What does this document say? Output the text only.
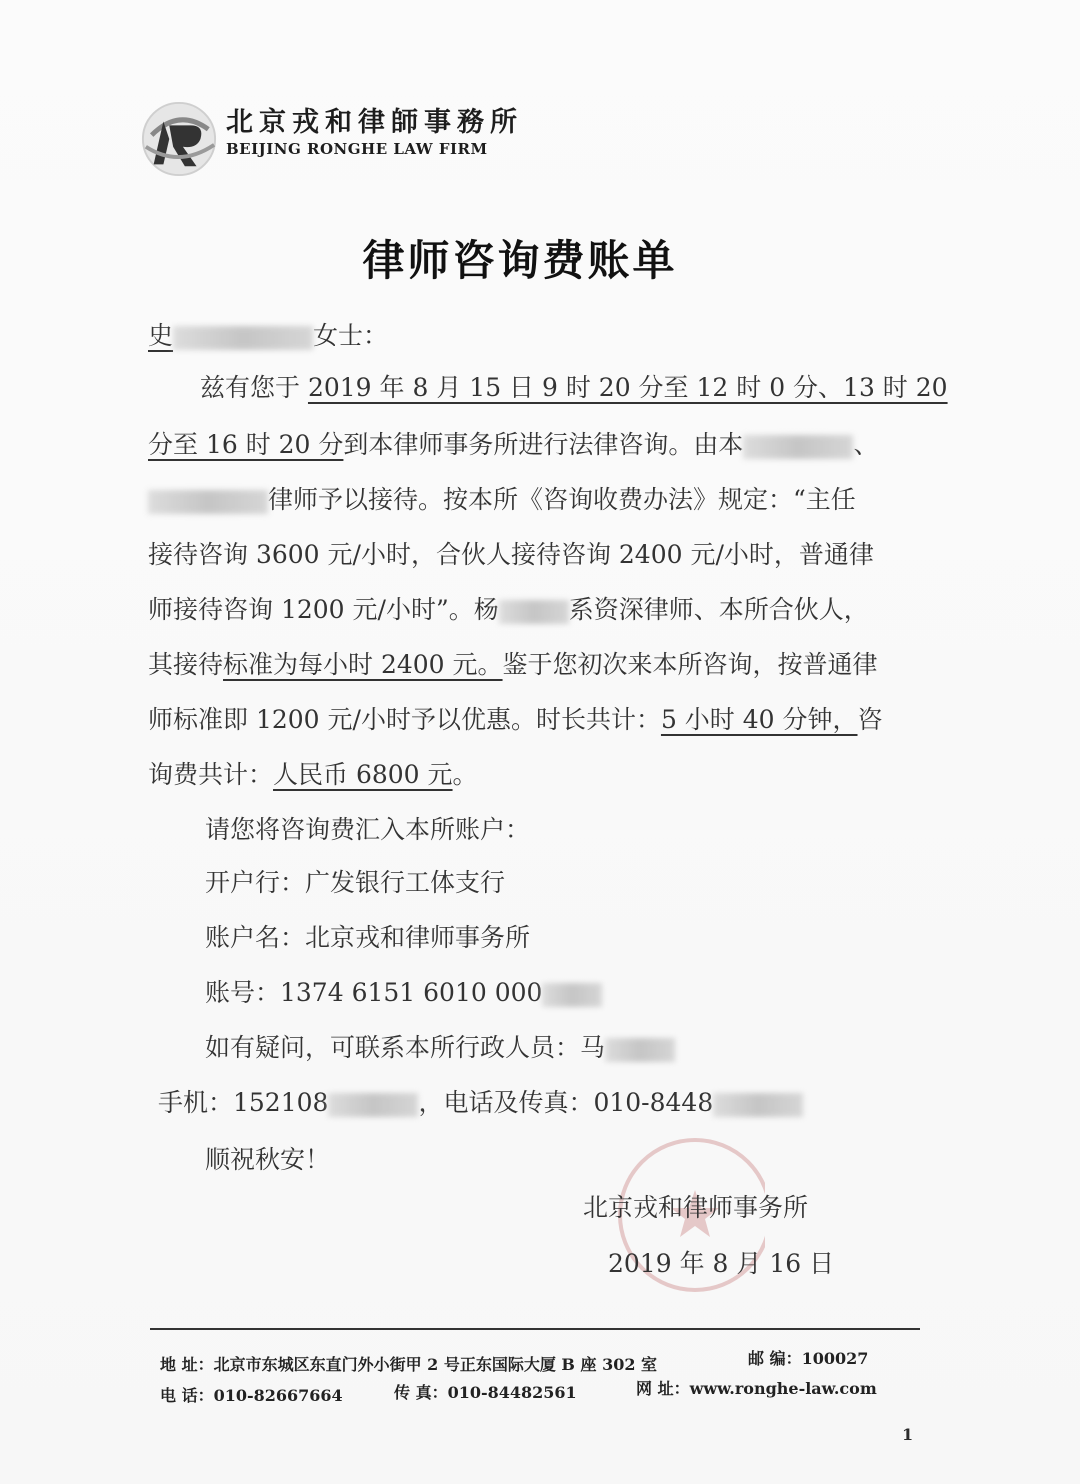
北京戎和律師事務所
BEIJING RONGHE LAW FIRM
律师咨询费账单
史	女士：
兹有您于 2019 年 8 月 15 日 9 时 20 分至 12 时 0 分、13 时 20
分至 16 时 20 分到本律师事务所进行法律咨询。由本	、
律师予以接待。按本所《咨询收费办法》规定：“主任
接待咨询 3600 元/小时，合伙人接待咨询 2400 元/小时，普通律
师接待咨询 1200 元/小时”。杨	系资深律师、本所合伙人，
其接待标准为每小时 2400 元。鉴于您初次来本所咨询，按普通律
师标准即 1200 元/小时予以优惠。时长共计：5 小时 40 分钟，咨
询费共计：人民币 6800 元。
请您将咨询费汇入本所账户：
开户行：广发银行工体支行
账户名：北京戎和律师事务所
账号：1374 6151 6010 000
如有疑问，可联系本所行政人员：马
手机：152108	，电话及传真：010-8448
顺祝秋安！
北京戎和律师事务所
2019 年 8 月 16 日
地 址：北京市东城区东直门外小街甲 2 号正东国际大厦 B 座 302 室	邮 编：100027
电 话：010-82667664	传 真：010-84482561	网 址：www.ronghe-law.com
1
